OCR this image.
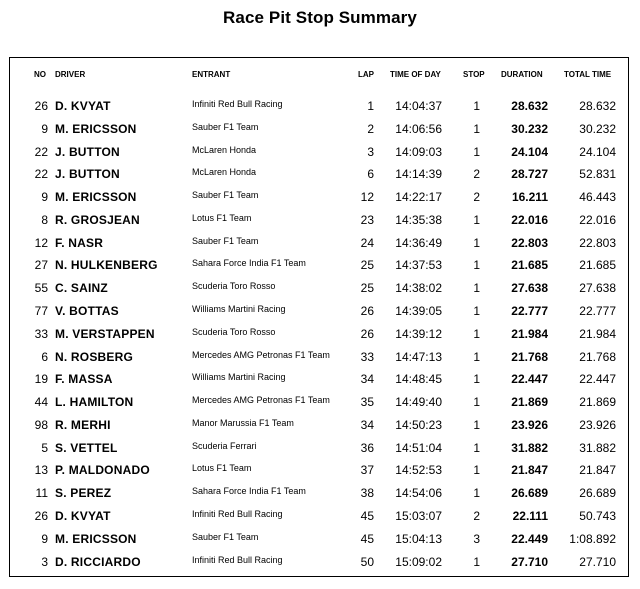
Race Pit Stop Summary
NO DRIVER	ENTRANT	LAP TIME OF DAY	STOP DURATION	TOTAL TIME
26 D. KVYAT	Infiniti Red Bull Racing	1	14:04:37	1	28.632	28.632
9 M. ERICSSON	Sauber F1 Team	2	14:06:56	1	30.232	30.232
22 J. BUTTON	McLaren Honda	3	14:09:03	1	24.104	24.104
22 J. BUTTON	McLaren Honda	6	14:14:39	2	28.727	52.831
9 M. ERICSSON	Sauber F1 Team	12	14:22:17	2	16.211	46.443
8 R. GROSJEAN	Lotus F1 Team	23	14:35:38	1	22.016	22.016
12 F. NASR	Sauber F1 Team	24	14:36:49	1	22.803	22.803
27 N. HULKENBERG	Sahara Force India F1 Team	25	14:37:53	1	21.685	21.685
55 C. SAINZ	Scuderia Toro Rosso	25	14:38:02	1	27.638	27.638
77 V. BOTTAS	Williams Martini Racing	26	14:39:05	1	22.777	22.777
33 M. VERSTAPPEN	Scuderia Toro Rosso	26	14:39:12	1	21.984	21.984
6 N. ROSBERG	Mercedes AMG Petronas F1 Team	33	14:47:13	1	21.768	21.768
19 F. MASSA	Williams Martini Racing	34	14:48:45	1	22.447	22.447
44 L. HAMILTON	Mercedes AMG Petronas F1 Team	35	14:49:40	1	21.869	21.869
98 R. MERHI	Manor Marussia F1 Team	34	14:50:23	1	23.926	23.926
5 S. VETTEL	Scuderia Ferrari	36	14:51:04	1	31.882	31.882
13 P. MALDONADO	Lotus F1 Team	37	14:52:53	1	21.847	21.847
11 S. PEREZ	Sahara Force India F1 Team	38	14:54:06	1	26.689	26.689
26 D. KVYAT	Infiniti Red Bull Racing	45	15:03:07	2	22.111	50.743
9 M. ERICSSON	Sauber F1 Team	45	15:04:13	3	22.449	1:08.892
3 D. RICCIARDO	Infiniti Red Bull Racing	50	15:09:02	1	27.710	27.710
